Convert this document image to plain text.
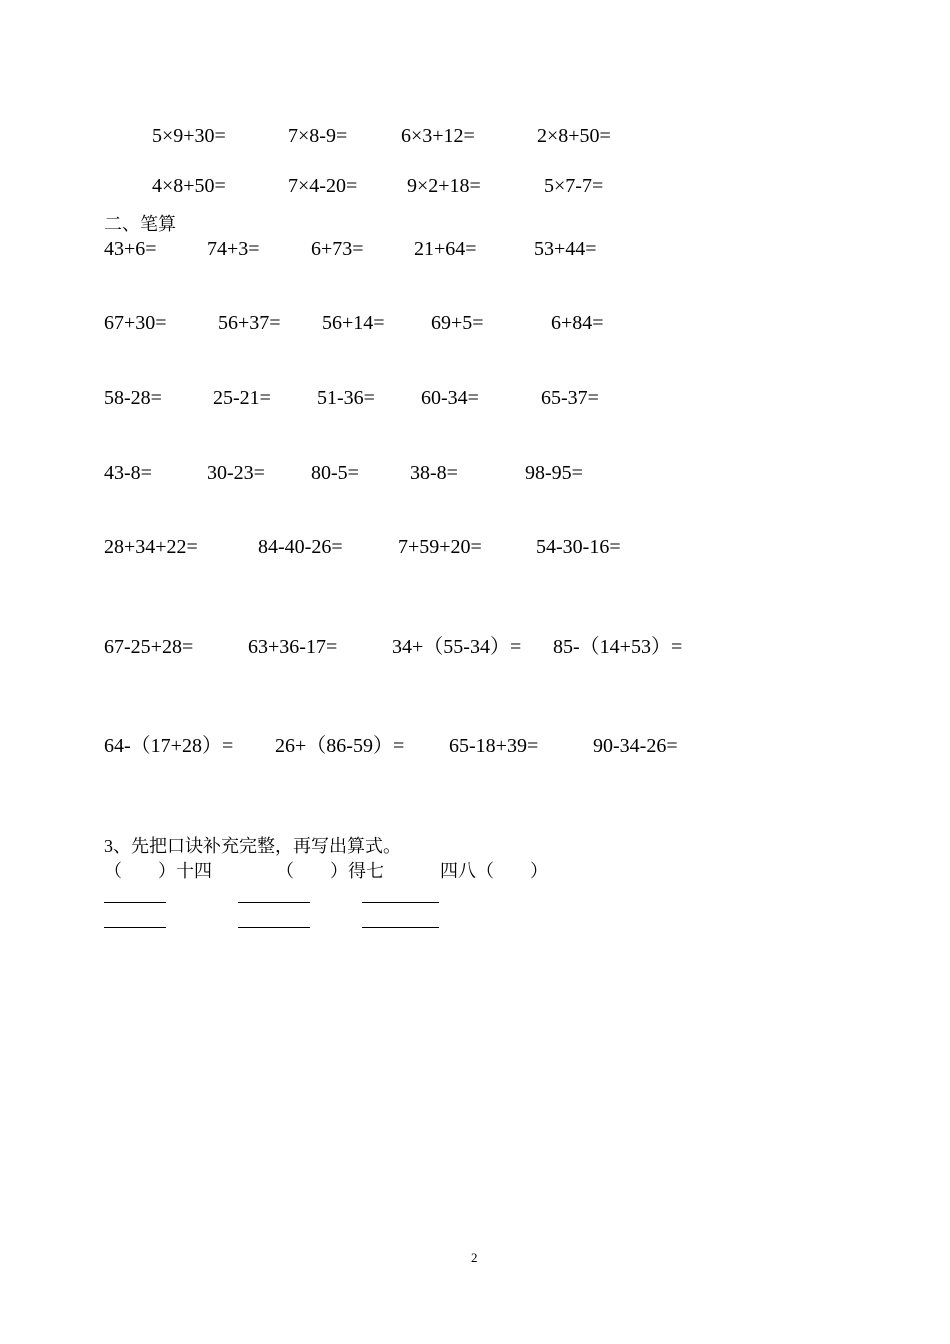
5×9+30=	7×8-9=	6×3+12=	2×8+50=
4×8+50=	7×4-20= 9×2+18=	5×7-7=
二、笔算
43+6=	74+3=	6+73=	21+64=	53+44=
67+30=	56+37= 56+14= 69+5=	6+84=
58-28=	25-21= 51-36= 60-34=	65-37=
43-8=	30-23= 80-5=	38-8=	98-95=
28+34+22=	84-40-26=	7+59+20=	54-30-16=
67-25+28=	63+36-17=	34+（55-34）= 85-（14+53）=
64-（17+28）= 26+（86-59）= 65-18+39=	90-34-26=
3、先把口诀补充完整，再写出算式。
（　　）十四	（　　）得七	四八（　　）
2
